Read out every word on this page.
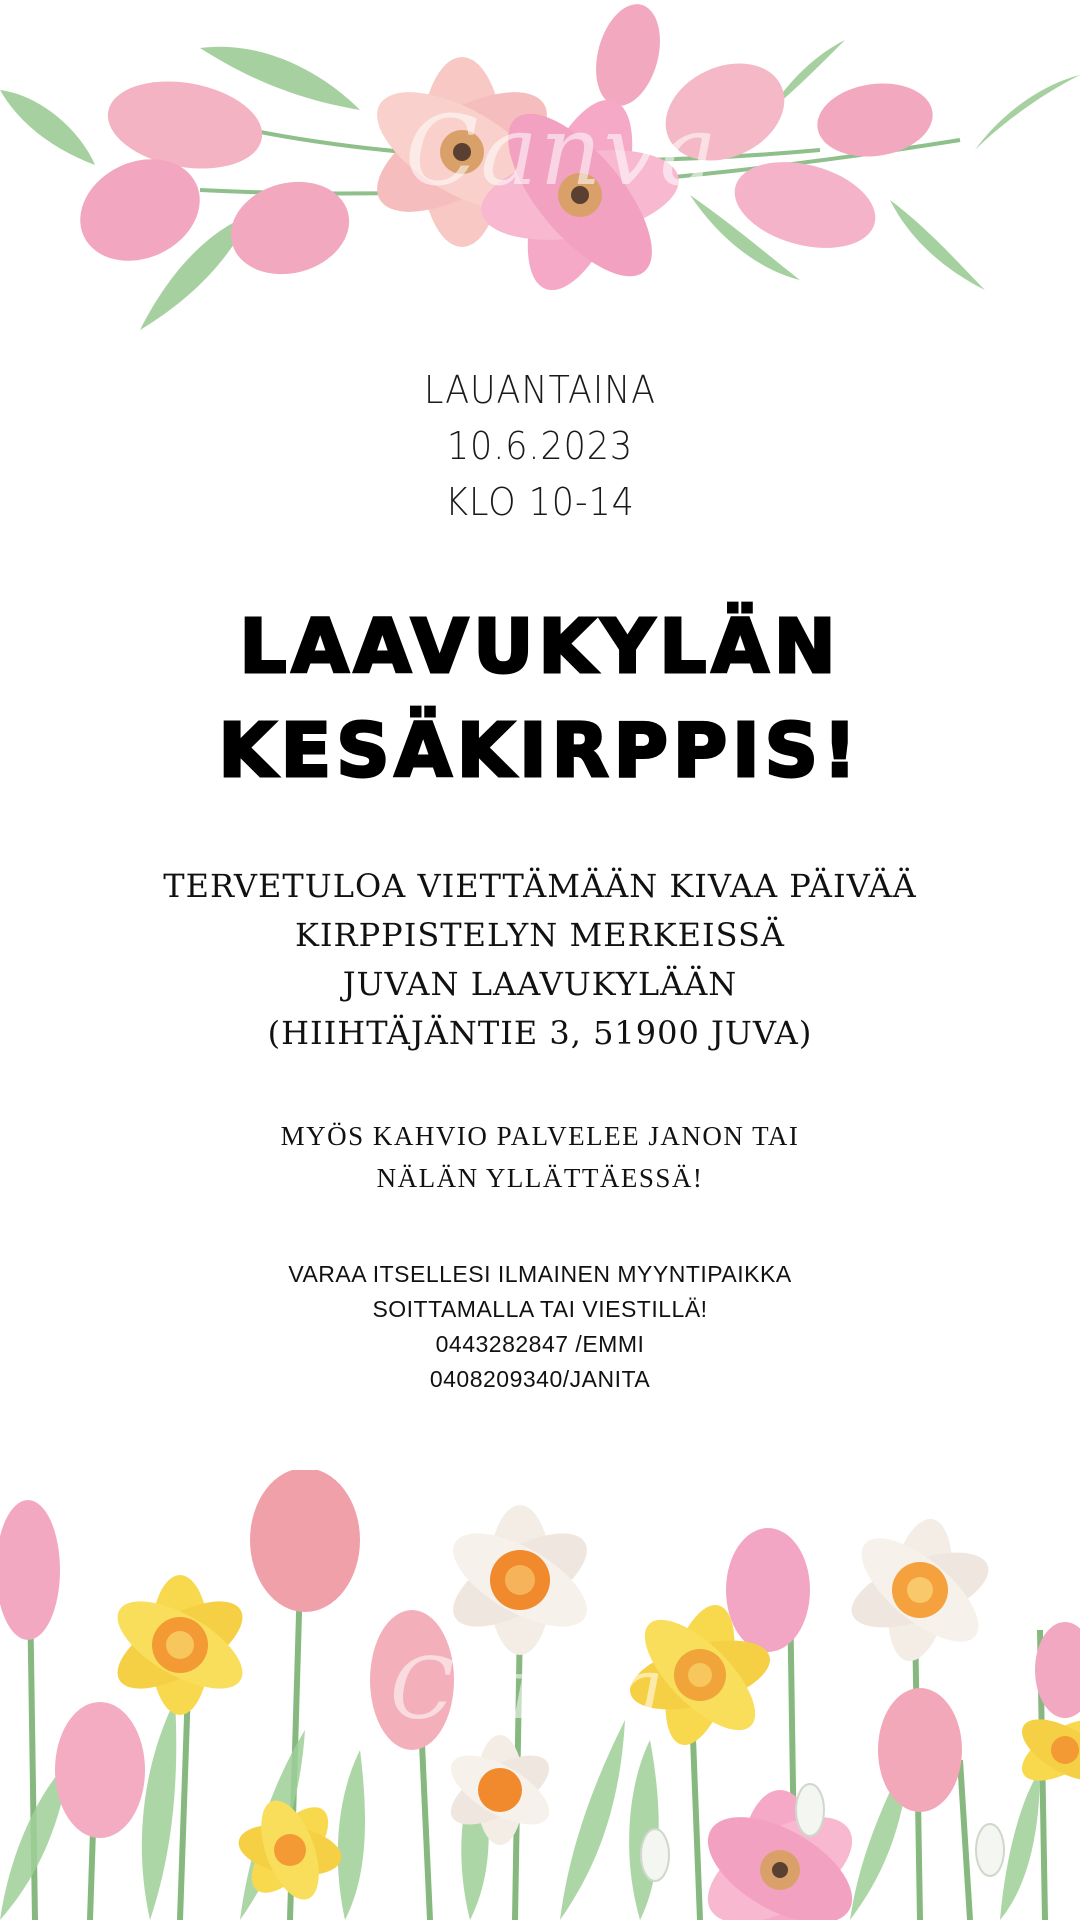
Canva
LAUANTAINA
10.6.2023
KLO 10-14
LAAVUKYLÄN
KESÄKIRPPIS!
TERVETULOA VIETTÄMÄÄN KIVAA PÄIVÄÄ
KIRPPISTELYN MERKEISSÄ
JUVAN LAAVUKYLÄÄN
(HIIHTÄJÄNTIE 3, 51900 JUVA)
MYÖS KAHVIO PALVELEE JANON TAI
NÄLÄN YLLÄTTÄESSÄ!
VARAA ITSELLESI ILMAINEN MYYNTIPAIKKA
SOITTAMALLA TAI VIESTILLÄ!
0443282847 /EMMI
0408209340/JANITA
Canva
